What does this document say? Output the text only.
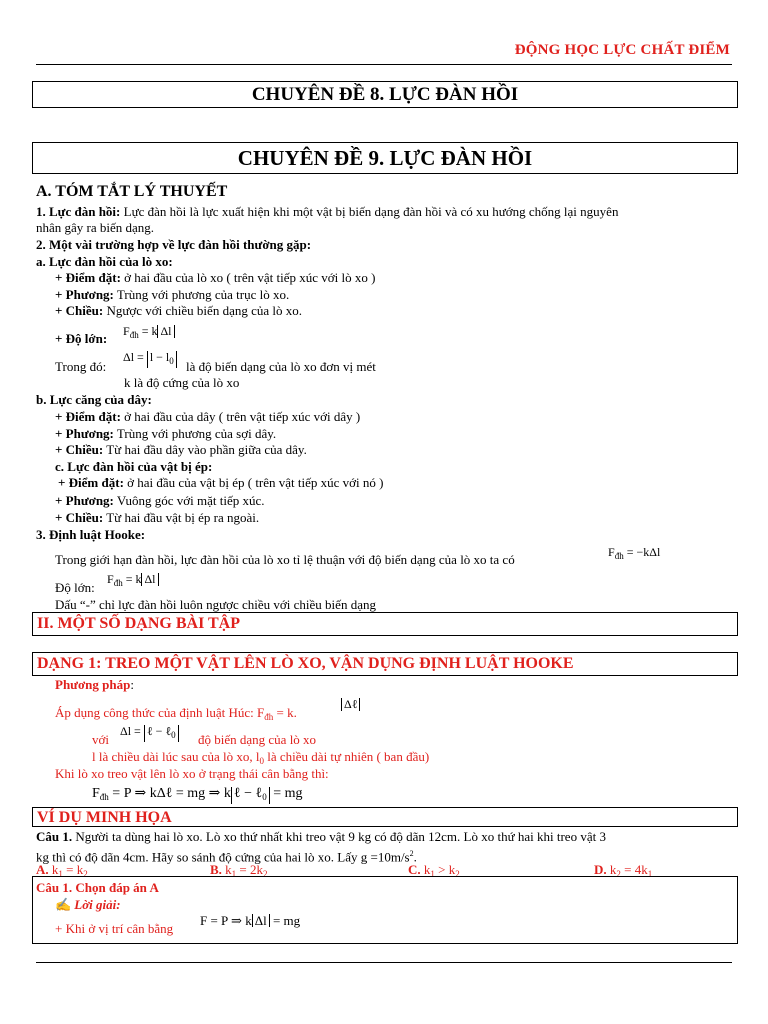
ĐỘNG HỌC LỰC CHẤT ĐIỂM
CHUYÊN ĐỀ 8. LỰC ĐÀN HỒI
CHUYÊN ĐỀ 9. LỰC ĐÀN HỒI
A. TÓM TẮT LÝ THUYẾT
1. Lực đàn hồi: Lực đàn hồi là lực xuất hiện khi một vật bị biến dạng đàn hồi và có xu hướng chống lại nguyên
nhân gây ra biến dạng.
2. Một vài trường hợp về lực đàn hồi thường gặp:
a. Lực đàn hồi của lò xo:
+ Điểm đặt: ở hai đầu của lò xo ( trên vật tiếp xúc với lò xo )
+ Phương: Trùng với phương của trục lò xo.
+ Chiều: Ngược với chiều biến dạng của lò xo.
+ Độ lớn: $F_{đh} = k$ Δl
Trong đó:
$\Delta l = l - l_0$ là độ biến dạng của lò xo đơn vị mét
k là độ cứng của lò xo
b. Lực căng của dây:
+ Điểm đặt: ở hai đầu của dây ( trên vật tiếp xúc với dây )
+ Phương: Trùng với phương của sợi dây.
+ Chiều: Từ hai đầu dây vào phần giữa của dây.
c. Lực đàn hồi của vật bị ép:
+ Điểm đặt: ở hai đầu của vật bị ép ( trên vật tiếp xúc với nó )
+ Phương: Vuông góc với mặt tiếp xúc.
+ Chiều: Từ hai đầu vật bị ép ra ngoài.
3. Định luật Hooke:
Trong giới hạn đàn hồi, lực đàn hồi của lò xo tỉ lệ thuận với độ biến dạng của lò xo ta có	$F_{đh} = -k\Delta l$
Độ lớn:
$F_{đh} = k$ Δl
Dấu “-” chỉ lực đàn hồi luôn ngược chiều với chiều biến dạng
II. MỘT SỐ DẠNG BÀI TẬP
DẠNG 1: TREO MỘT VẬT LÊN LÒ XO, VẬN DỤNG ĐỊNH LUẬT HOOKE
Phương pháp:
Áp dụng công thức của định luật Húc: $F_{đh} = k$.
Δℓ
với
Δl = ℓ − ℓ$_0$ độ biến dạng của lò xo
l là chiều dài lúc sau của lò xo, $l_0$ là chiều dài tự nhiên ( ban đầu)
Khi lò xo treo vật lên lò xo ở trạng thái cân bằng thì:
$F_{đh} = P$ ⇒ kΔℓ = mg ⇒ k ℓ − ℓ$_0$ = mg
VÍ DỤ MINH HỌA
Câu 1. Người ta dùng hai lò xo. Lò xo thứ nhất khi treo vật 9 kg có độ dãn 12cm. Lò xo thứ hai khi treo vật 3
kg thì có độ dãn 4cm. Hãy so sánh độ cứng của hai lò xo. Lấy $g =10m/s^2$.
A. $k_1 = k_2$	B. $k_1 = 2k_2$	C. $k_1 > k_2$	D. $k_2 = 4k_1$
Câu 1. Chọn đáp án A
✍ Lời giải:
+ Khi ở vị trí cân bằng
F = P ⇒ k Δl = mg
